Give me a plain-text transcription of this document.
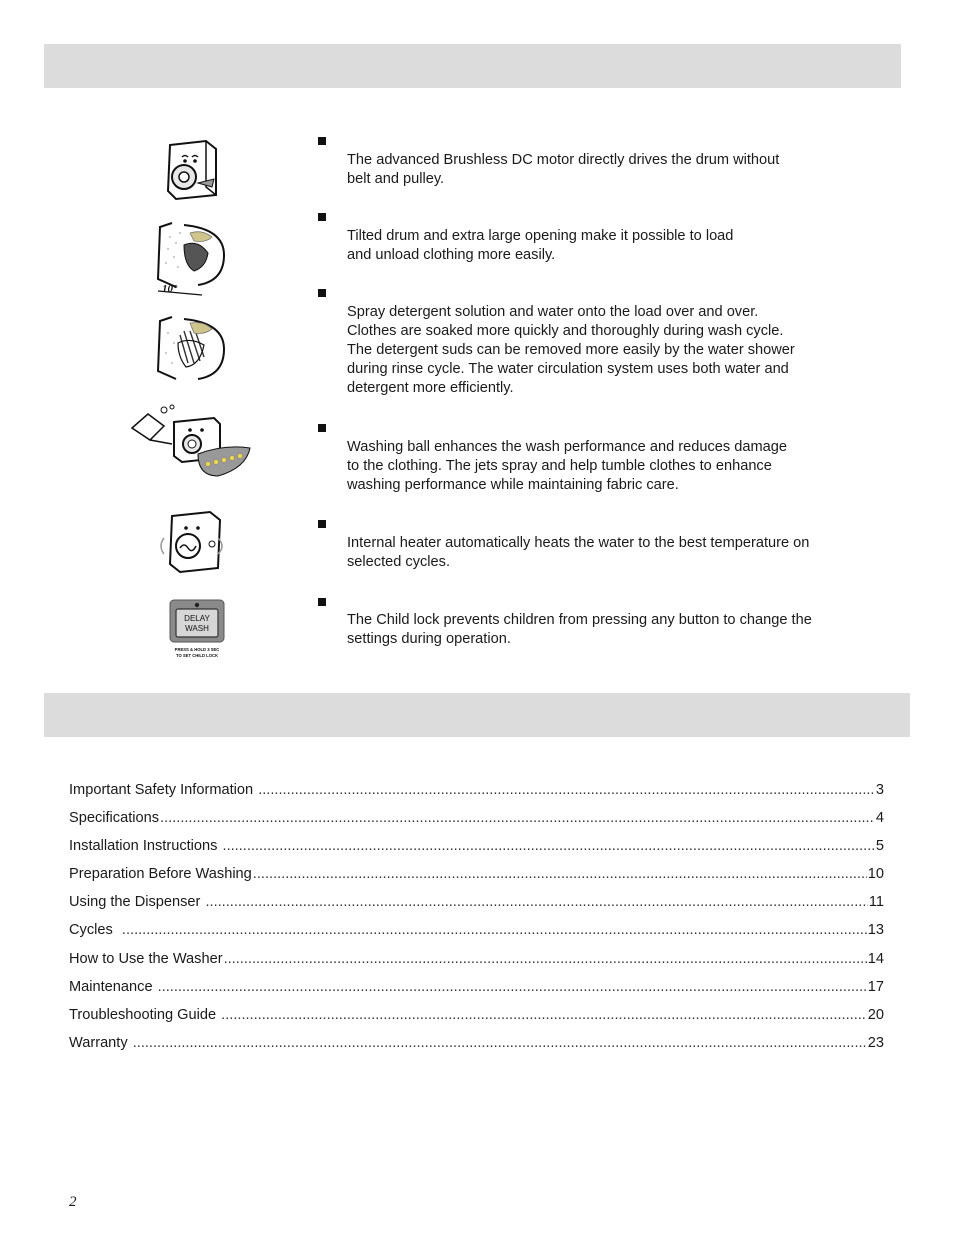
The advanced Brushless DC motor directly drives the drum without
belt and pulley.
10°
Tilted drum and extra large opening make it possible to load
and unload clothing more easily.
Spray detergent solution and water onto the load over and over.
Clothes are soaked more quickly and thoroughly during wash cycle.
The detergent suds can be removed more easily by the water shower
during rinse cycle. The water circulation system uses both water and
detergent more efficiently.
Washing ball enhances the wash performance and reduces damage
to the clothing. The jets spray and help tumble clothes to enhance
washing performance while maintaining fabric care.
Internal heater automatically heats the water to the best temperature on
selected cycles.
DELAY
WASH
PRESS & HOLD 3 SEC
TO SET CHILD LOCK
The Child lock prevents children from pressing any button to change the
settings during operation.
Important Safety Information .....	3
Specifications .....	4
Installation Instructions .....	5
Preparation Before Washing .....	10
Using the Dispenser .....	11
Cycles .....	13
How to Use the Washer .....	14
Maintenance .....	17
Troubleshooting Guide .....	20
Warranty .....	23
2
